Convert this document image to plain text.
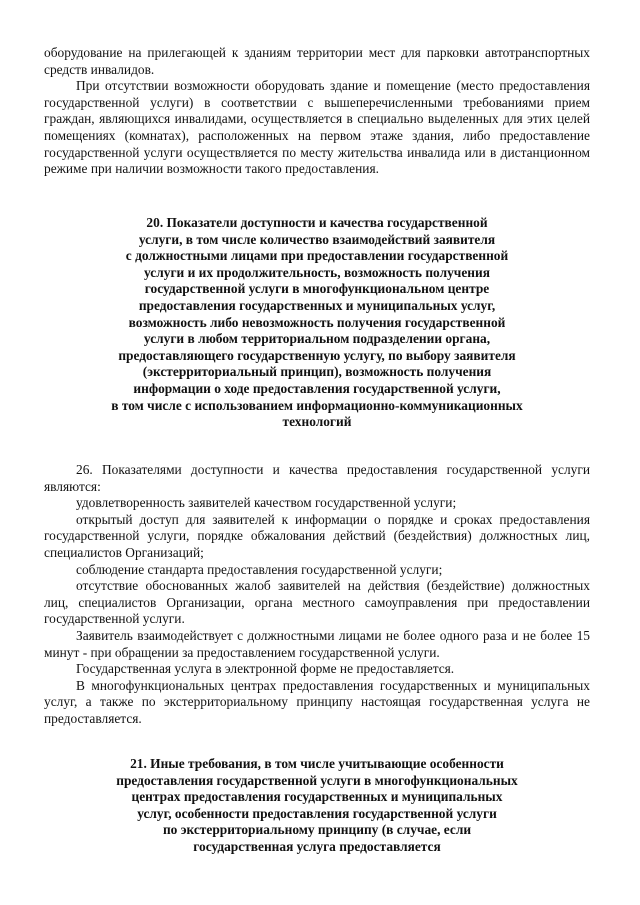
оборудование на прилегающей к зданиям территории мест для парковки автотранспортных средств инвалидов.

При отсутствии возможности оборудовать здание и помещение (место предоставления государственной услуги) в соответствии с вышеперечисленными требованиями прием граждан, являющихся инвалидами, осуществляется в специально выделенных для этих целей помещениях (комнатах), расположенных на первом этаже здания, либо предоставление государственной услуги осуществляется по месту жительства инвалида или в дистанционном режиме при наличии возможности такого предоставления.

20. Показатели доступности и качества государственной
услуги, в том числе количество взаимодействий заявителя
с должностными лицами при предоставлении государственной
услуги и их продолжительность, возможность получения
государственной услуги в многофункциональном центре
предоставления государственных и муниципальных услуг,
возможность либо невозможность получения государственной
услуги в любом территориальном подразделении органа,
предоставляющего государственную услугу, по выбору заявителя
(экстерриториальный принцип), возможность получения
информации о ходе предоставления государственной услуги,
в том числе с использованием информационно-коммуникационных
технологий

26. Показателями доступности и качества предоставления государственной услуги являются:

удовлетворенность заявителей качеством государственной услуги;

открытый доступ для заявителей к информации о порядке и сроках предоставления государственной услуги, порядке обжалования действий (бездействия) должностных лиц, специалистов Организаций;

соблюдение стандарта предоставления государственной услуги;

отсутствие обоснованных жалоб заявителей на действия (бездействие) должностных лиц, специалистов Организации, органа местного самоуправления при предоставлении государственной услуги.

Заявитель взаимодействует с должностными лицами не более одного раза и не более 15 минут - при обращении за предоставлением государственной услуги.

Государственная услуга в электронной форме не предоставляется.

В многофункциональных центрах предоставления государственных и муниципальных услуг, а также по экстерриториальному принципу настоящая государственная услуга не предоставляется.

21. Иные требования, в том числе учитывающие особенности
предоставления государственной услуги в многофункциональных
центрах предоставления государственных и муниципальных
услуг, особенности предоставления государственной услуги
по экстерриториальному принципу (в случае, если
государственная услуга предоставляется
